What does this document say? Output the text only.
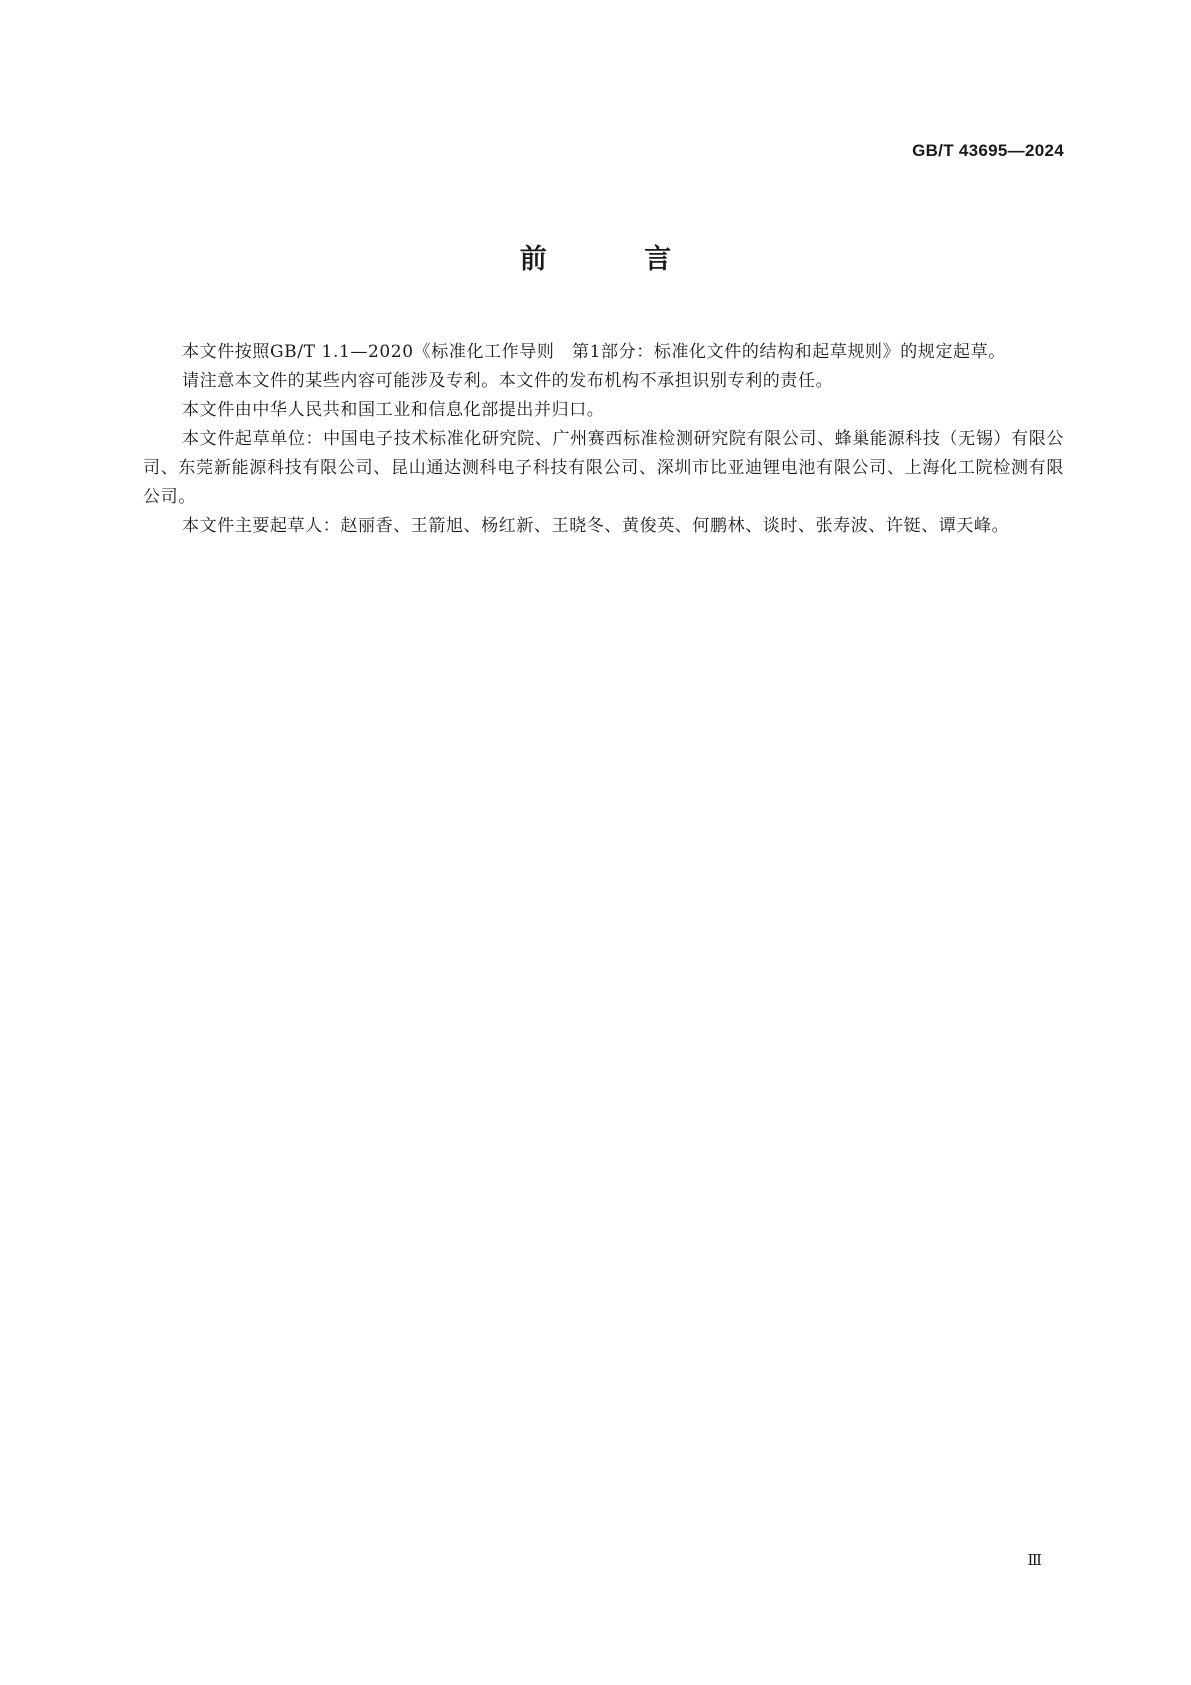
GB/T 43695—2024
前 言

本文件按照GB/T 1.1—2020《标准化工作导则　第1部分：标准化文件的结构和起草规则》的规定起草。

请注意本文件的某些内容可能涉及专利。本文件的发布机构不承担识别专利的责任。

本文件由中华人民共和国工业和信息化部提出并归口。

本文件起草单位：中国电子技术标准化研究院、广州赛西标准检测研究院有限公司、蜂巢能源科技（无锡）有限公司、东莞新能源科技有限公司、昆山通达测科电子科技有限公司、深圳市比亚迪锂电池有限公司、上海化工院检测有限公司。

本文件主要起草人：赵丽香、王箭旭、杨红新、王晓冬、黄俊英、何鹏林、谈时、张寿波、许铤、谭天峰。

Ⅲ
